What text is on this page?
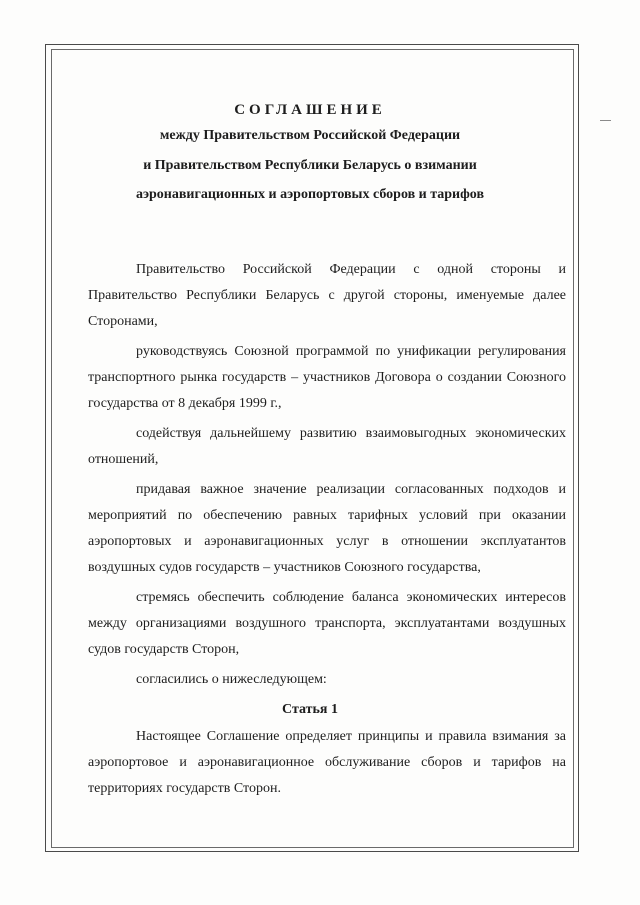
СОГЛАШЕНИЕ
между Правительством Российской Федерации
и Правительством Республики Беларусь о взимании
аэронавигационных и аэропортовых сборов и тарифов

Правительство Российской Федерации с одной стороны и Правительство Республики Беларусь с другой стороны, именуемые далее Сторонами,

руководствуясь Союзной программой по унификации регулирования транспортного рынка государств – участников Договора о создании Союзного государства от 8 декабря 1999 г.,

содействуя дальнейшему развитию взаимовыгодных экономических отношений,

придавая важное значение реализации согласованных подходов и мероприятий по обеспечению равных тарифных условий при оказании аэропортовых и аэронавигационных услуг в отношении эксплуатантов воздушных судов государств – участников Союзного государства,

стремясь обеспечить соблюдение баланса экономических интересов между организациями воздушного транспорта, эксплуатантами воздушных судов государств Сторон,

согласились о нижеследующем:

Статья 1

Настоящее Соглашение определяет принципы и правила взимания за аэропортовое и аэронавигационное обслуживание сборов и тарифов на территориях государств Сторон.
